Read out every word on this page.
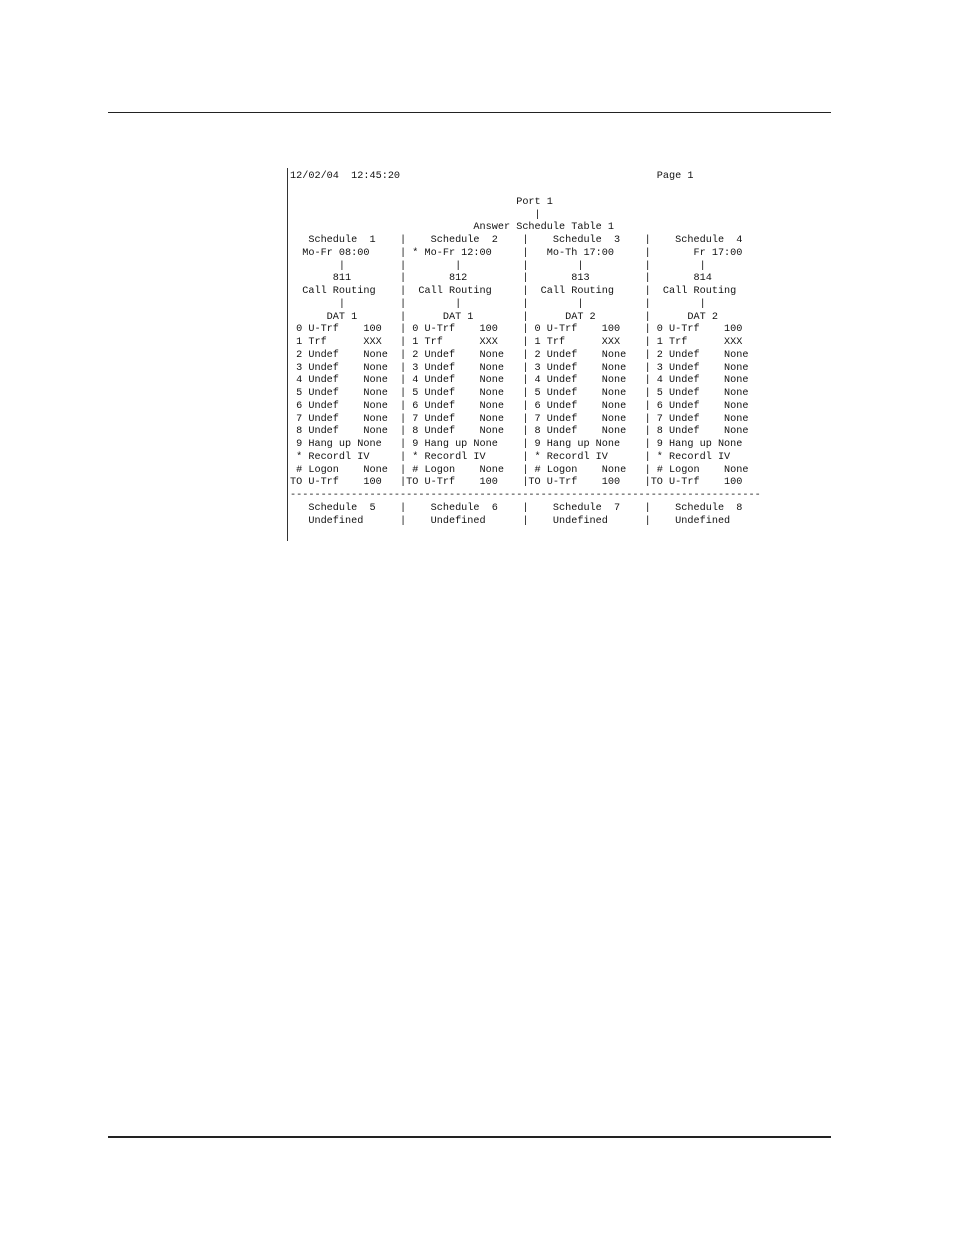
12/02/04  12:45:20                                          Page 1
Port 1
|
Answer Schedule Table 1
Schedule  1    |    Schedule  2    |    Schedule  3    |    Schedule  4
Mo-Fr 08:00     | * Mo-Fr 12:00     |   Mo-Th 17:00     |       Fr 17:00
|         |        |          |        |          |        |
811        |       812         |       813         |       814
Call Routing    |  Call Routing     |  Call Routing     |  Call Routing
|         |        |          |        |          |        |
DAT 1       |      DAT 1        |      DAT 2        |      DAT 2
0 U-Trf    100   | 0 U-Trf    100    | 0 U-Trf    100    | 0 U-Trf    100
1 Trf      XXX   | 1 Trf      XXX    | 1 Trf      XXX    | 1 Trf      XXX
2 Undef    None  | 2 Undef    None   | 2 Undef    None   | 2 Undef    None
3 Undef    None  | 3 Undef    None   | 3 Undef    None   | 3 Undef    None
4 Undef    None  | 4 Undef    None   | 4 Undef    None   | 4 Undef    None
5 Undef    None  | 5 Undef    None   | 5 Undef    None   | 5 Undef    None
6 Undef    None  | 6 Undef    None   | 6 Undef    None   | 6 Undef    None
7 Undef    None  | 7 Undef    None   | 7 Undef    None   | 7 Undef    None
8 Undef    None  | 8 Undef    None   | 8 Undef    None   | 8 Undef    None
9 Hang up None   | 9 Hang up None    | 9 Hang up None    | 9 Hang up None
* Recordl IV     | * Recordl IV      | * Recordl IV      | * Recordl IV
# Logon    None  | # Logon    None   | # Logon    None   | # Logon    None
TO U-Trf    100   |TO U-Trf    100    |TO U-Trf    100    |TO U-Trf    100
-----------------------------------------------------------------------------
Schedule  5    |    Schedule  6    |    Schedule  7    |    Schedule  8
Undefined      |    Undefined      |    Undefined      |    Undefined
